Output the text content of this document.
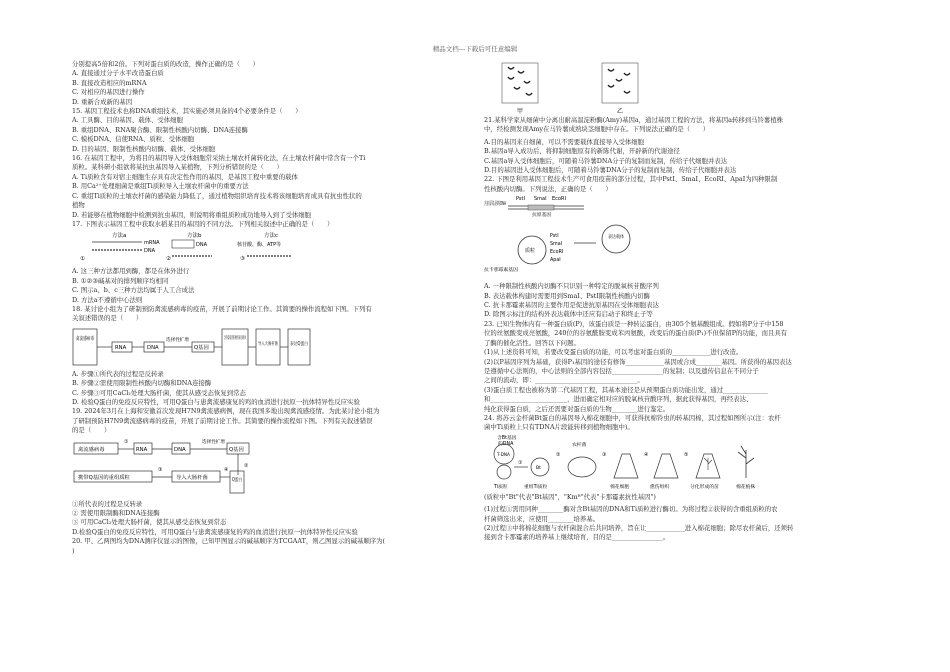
精品文档---下载后可任意编辑
分别提高5倍和2倍。下列对蛋白质的改造，操作正确的是（　　）
A. 直接通过分子水平改造蛋白质
B. 直接改造相应的mRNA
C. 对相应的基因进行操作
D. 重新合成新的基因
15. 基因工程技术也称DNA重组技术，其实施必须具备的4个必要条件是（　　）
A. 工具酶、目的基因、载体、受体细胞
B. 重组DNA、RNA聚合酶、限制性核酸内切酶、DNA连接酶
C. 模板DNA、信使RNA、质粒、受体细胞
D. 目的基因、限制性核酸内切酶、载体、受体细胞
16. 在基因工程中，为将目的基因导入受体细胞常采纳土壤农杆菌转化法，在土壤农杆菌中常含有一个Ti
质粒。某科研小组欲将某抗虫基因导入某植物，下列分析错误的是（　　）
A. Ti质粒含有对宿主细胞生存具有决定性作用的基因，是基因工程中重要的载体
B. 用Ca²⁺处理细菌是重组Ti质粒导入土壤农杆菌中的重要方法
C. 重组Ti质粒的土壤农杆菌的感染能力降低了，通过植物组织培育技术将该细胞培育成具有抗虫性状的
植物
D. 若能够在植物细胞中检测到抗虫基因，则说明将重组质粒成功地导入到了受体细胞
17. 下图表示基因工程中获取水稻某目的基因的不同方法。下列相关叙述中正确的是（　　）
方法a
mRNA
DNA
①
方法b
DNA
②
方法c
核苷酸、酶、ATP等
③
A. 这三种方法都用到酶，都是在体外进行
B. ①②③碱基对的排列顺序均相同
C. 图示a、b、c三种方法均属于人工合成法
D. 方法a不遵循中心法则
18. 某讨论小组为了研制预防禽流感病毒的疫苗，开展了前期讨论工作。其简要的操作流程如下图。下列有
关叙述错误的是（　　）
禽流感病毒
RNA	DNA
选择性扩增
Q基因
含有Q基因的重组表达载体
导入大肠杆菌 表达Q蛋白
A. 步骤①所代表的过程是反转录
B. 步骤②需使用限制性核酸内切酶和DNA连接酶
C. 步骤③可用CaCl₂处理大肠杆菌，使其从感受态恢复到常态
D. 检验Q蛋白的免疫反应特性，可用Q蛋白与患禽流感康复的鸡的血清进行抗原一抗体特异性反应实验
19. 2024年3月在上海和安徽首次发现H7N9禽流感病例，现在我国多地出现禽流感疫情。为此某讨论小组为
了研制预防H7N9禽流感病毒的疫苗，开展了前期讨论工作。其简要的操作流程如下图。下列有关叙述错误
的是（　　）
禽流感病毒
①
RNA	DNA
选择性扩增
Q基因
②
携带Q基因的重组质粒
③
导入大肠杆菌
④
Q蛋白
①所代表的过程是反转录
② 需使用限制酶和DNA连接酶
③ 可用CaCl₂处理大肠杆菌，使其从感受态恢复到常态
D.检验Q蛋白的免疫反应特性，可用Q蛋白与患禽流感康复的鸡的血清进行抗原一抗体特异性反应实验
20. 甲、乙两图均为DNA测序仪显示的图像，已知甲图显示的碱基顺序为TCGAAT，则乙图显示的碱基顺序为(
)
甲	乙
21.某科学家从细菌中分离出耐高温淀粉酶(Amy)基因a，通过基因工程的方法，将基因a转移到马铃薯植株
中，经检测发现Amy在马铃薯成熟块茎细胞中存在。下列说法正确的是（　　）
A.目的基因来自细菌，可以不需要载体直接导入受体细胞
B.基因a导入成功后，将抑制细胞原有的新陈代谢，开辟新的代谢途径
C.基因a导入受体细胞后，可随着马铃薯DNA分子的复制而复制，传给子代细胞并表达
D.目的基因进入受体细胞后，可随着马铃薯DNA分子的复制而复制，传给子代细胞并表达
22. 下图是利用基因工程技术生产可食用疫苗的部分过程，其中PstⅠ、SmaⅠ、EcoRⅠ、ApaⅠ为四种限制
性核酸内切酶。下列说法，正确的是（　　）
含抗原基因的DNA
PstⅠ SmaⅠ EcoRⅠ
抗原基因
质粒
PstⅠ
SmaⅠ
EcoRⅠ
ApaⅠ
表达载体
抗卡那霉素基因
A. 一种限制性核酸内切酶不只识别一种特定的脱氧核苷酸序列
B. 表达载体构建时需要用到SmaⅠ、PstⅠ限制性核酸内切酶
C. 抗卡那霉素基因的主要作用是促进抗原基因在受体细胞表达
D. 除图示标注的结构外表达载体中还应有启动子和终止子等
23. 已知生物体内有一种蛋白质(P)，该蛋白质是一种转运蛋白，由305个氨基酸组成。假如将P分子中158
位的丝氨酸变成亮氨酸，240位的谷氨酰胺变成苯丙氨酸，改变后的蛋白质(P₁)不但保留P的功能，而且具有
了酶的催化活性。回答以下问题。
(1)从上述资料可知，若要改变蛋白质的功能，可以考虑对蛋白质的____________进行改造。
(2)以P基因序列为基础，获得P₁基因的途径有修饰____________基因或合成________基因。所获得的基因表达
是遵循中心法则的，中心法则的全部内容包括________________的复制；以及遗传信息在不同分子
之间的流动，即：________________________________。
(3)蛋白质工程也被称为第二代基因工程，其基本途径是从预期蛋白质功能出发，通过______________
和________________________，进而确定相对应的脱氧核苷酸序列，据此获得基因，再经表达、
纯化获得蛋白质，之后还需要对蛋白质的生物________进行鉴定。
24. 将苏云金杆菌Bt蛋白的基因导入棉花细胞中，可获得抗棉铃虫的转基因棉，其过程如图所示(注：农杆
菌中Ti质粒上只有TDNA片段能转移到植物细胞中)。
含Bt基因
的DNA
T-DNA
Ti质粒
①
Bt
重组Ti质粒
②
农杆菌
③
棉花细胞
④
愈伤组织
⑤
分化形成的苗	棉花植株
(质粒中"Bt"代表"Bt基因"，"Kmᴿ"代表"卡那霉素抗性基因")
(1)过程①需用同种________酶对含Bt基因的DNA和Ti质粒进行酶切。为将过程②获得的含重组质粒的农
杆菌筛选出来，应使用________培养基。
(2)过程③中将棉花细胞与农杆菌混合后共同培养，旨在让____________进入棉花细胞；除尽农杆菌后，还须转
接到含卡那霉素的培养基上继续培育，目的是________________。
